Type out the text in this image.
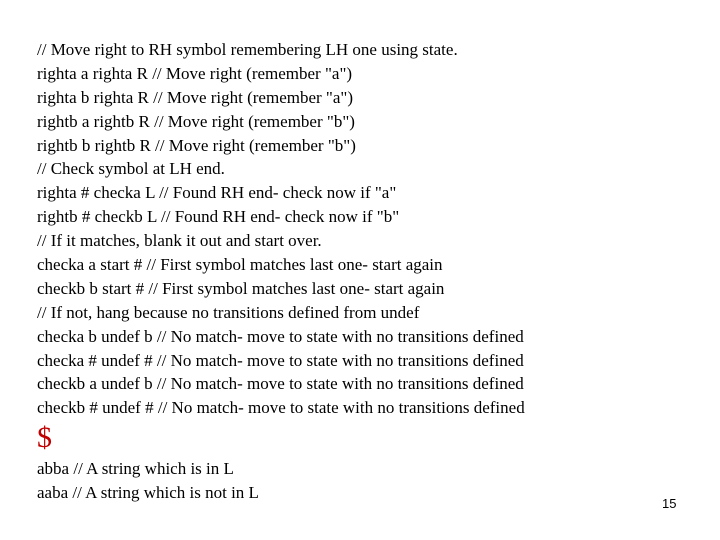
// Move right to RH symbol remembering LH one using state.
righta a righta R // Move right (remember "a")
righta b righta R // Move right (remember "a")
rightb a rightb R // Move right (remember "b")
rightb b rightb R // Move right (remember "b")
// Check symbol at LH end.
righta # checka L // Found RH end- check now if "a"
rightb # checkb L // Found RH end- check now if "b"
// If it matches, blank it out and start over.
checka a start # // First symbol matches last one- start again
checkb b start # // First symbol matches last one- start again
// If not, hang because no transitions defined from undef
checka b undef b // No match- move to state with no transitions defined
checka # undef # // No match- move to state with no transitions defined
checkb a undef b // No match- move to state with no transitions defined
checkb # undef # // No match- move to state with no transitions defined
$
abba // A string which is in L
aaba // A string which is not in L
15
